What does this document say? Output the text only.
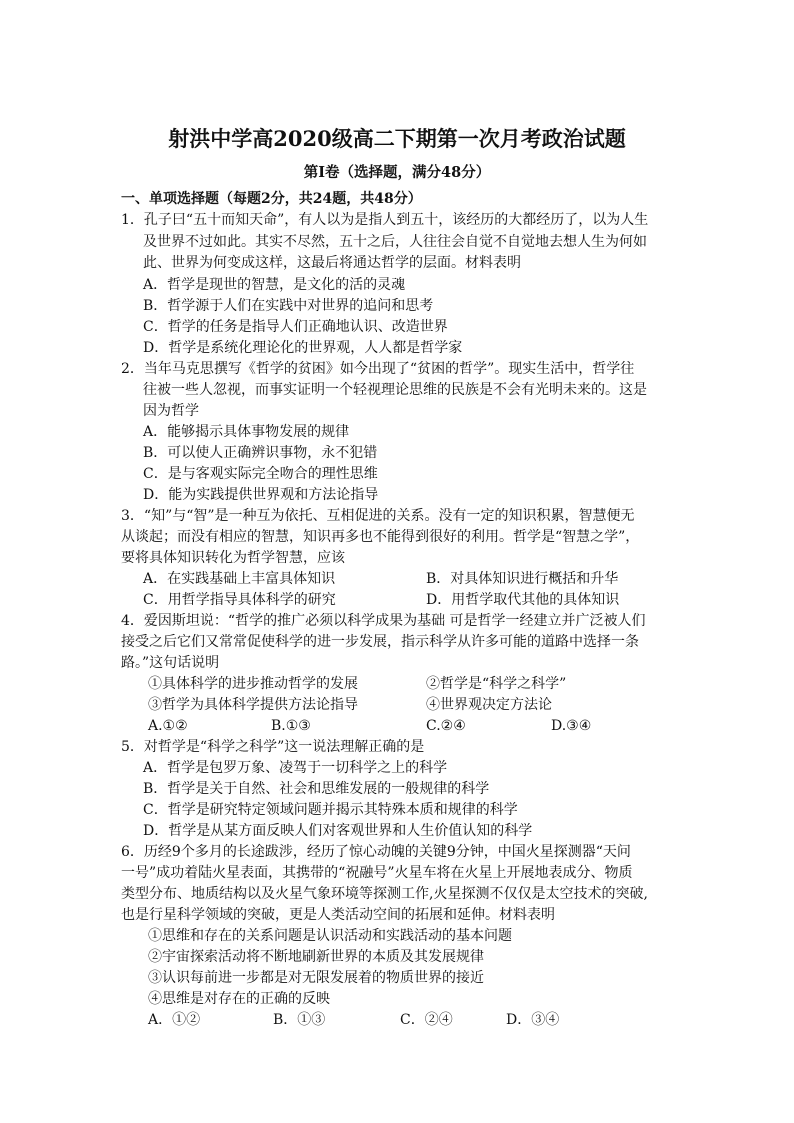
射洪中学高2020级高二下期第一次月考政治试题
第Ⅰ卷（选择题，满分48分）
一、单项选择题（每题2分，共24题，共48分）
1．孔子曰“五十而知天命”，有人以为是指人到五十，该经历的大都经历了，以为人生
及世界不过如此。其实不尽然，五十之后，人往往会自觉不自觉地去想人生为何如
此、世界为何变成这样，这最后将通达哲学的层面。材料表明
A．哲学是现世的智慧，是文化的活的灵魂
B．哲学源于人们在实践中对世界的追问和思考
C．哲学的任务是指导人们正确地认识、改造世界
D．哲学是系统化理论化的世界观，人人都是哲学家
2．当年马克思撰写《哲学的贫困》如今出现了“贫困的哲学”。现实生活中，哲学往
往被一些人忽视，而事实证明一个轻视理论思维的民族是不会有光明未来的。这是
因为哲学
A．能够揭示具体事物发展的规律
B．可以使人正确辨识事物，永不犯错
C．是与客观实际完全吻合的理性思维
D．能为实践提供世界观和方法论指导
3．“知”与“智”是一种互为依托、互相促进的关系。没有一定的知识积累，智慧便无
从谈起；而没有相应的智慧，知识再多也不能得到很好的利用。哲学是“智慧之学”，
要将具体知识转化为哲学智慧，应该
A．在实践基础上丰富具体知识	B．对具体知识进行概括和升华
C．用哲学指导具体科学的研究	D．用哲学取代其他的具体知识
4．爱因斯坦说：“哲学的推广必须以科学成果为基础 可是哲学一经建立并广泛被人们
接受之后它们又常常促使科学的进一步发展，指示科学从许多可能的道路中选择一条
路。”这句话说明
①具体科学的进步推动哲学的发展	②哲学是“科学之科学”
③哲学为具体科学提供方法论指导	④世界观决定方法论
A.①②	B.①③	C.②④	D.③④
5．对哲学是“科学之科学”这一说法理解正确的是
A．哲学是包罗万象、凌驾于一切科学之上的科学
B．哲学是关于自然、社会和思维发展的一般规律的科学
C．哲学是研究特定领域问题并揭示其特殊本质和规律的科学
D．哲学是从某方面反映人们对客观世界和人生价值认知的科学
6．历经9个多月的长途跋涉，经历了惊心动魄的关键9分钟，中国火星探测器“天问
一号”成功着陆火星表面，其携带的“祝融号”火星车将在火星上开展地表成分、物质
类型分布、地质结构以及火星气象环境等探测工作,火星探测不仅仅是太空技术的突破,
也是行星科学领域的突破，更是人类活动空间的拓展和延伸。材料表明
①思维和存在的关系问题是认识活动和实践活动的基本问题
②宇宙探索活动将不断地刷新世界的本质及其发展规律
③认识每前进一步都是对无限发展着的物质世界的接近
④思维是对存在的正确的反映
A．①②	B．①③	C．②④	D．③④
